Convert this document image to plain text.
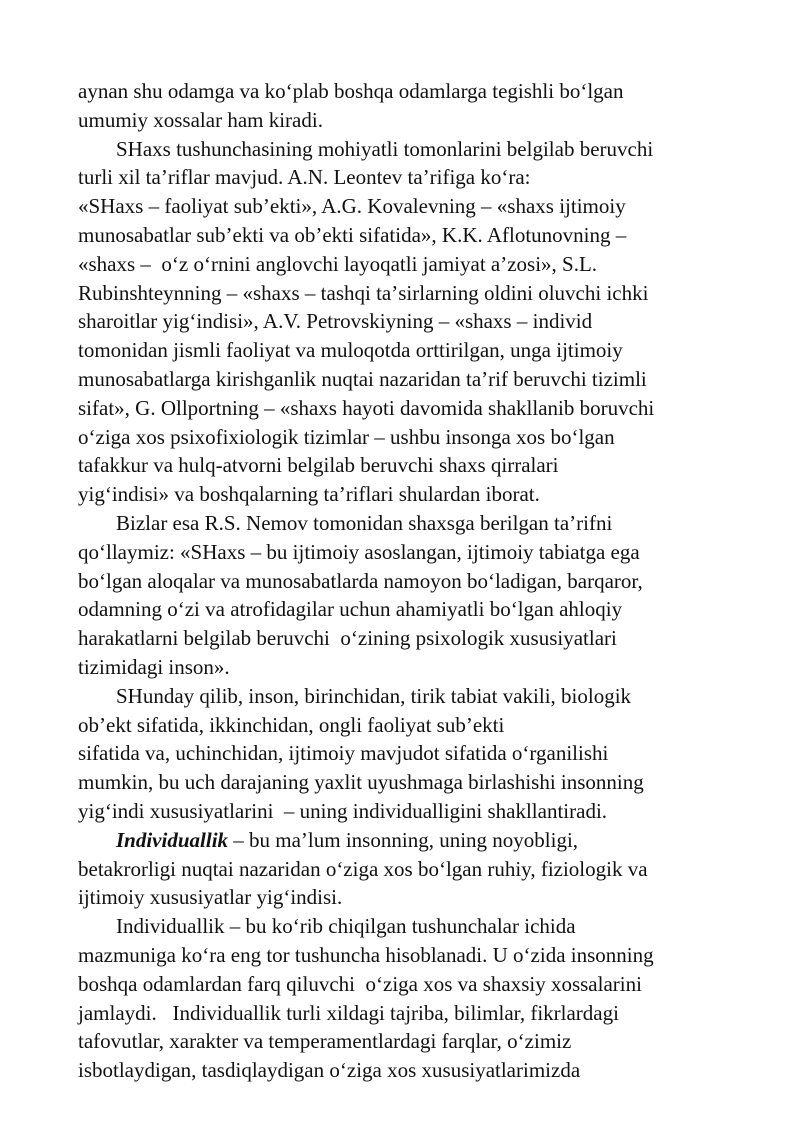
aynan shu odamga va koʻplab boshqa odamlarga tegishli boʻlgan
umumiy xossalar ham kiradi.
SHaxs tushunchasining mohiyatli tomonlarini belgilab beruvchi
turli xil taʼriflar mavjud. A.N. Leontev taʼrifiga koʻra:
«SHaxs – faoliyat subʼekti», A.G. Kovalevning – «shaxs ijtimoiy
munosabatlar subʼekti va obʼekti sifatida», K.K. Aflotunovning –
«shaxs –  oʻz oʻrnini anglovchi layoqatli jamiyat aʼzosi», S.L.
Rubinshteynning – «shaxs – tashqi taʼsirlarning oldini oluvchi ichki
sharoitlar yigʻindisi», A.V. Petrovskiyning – «shaxs – individ
tomonidan jismli faoliyat va muloqotda orttirilgan, unga ijtimoiy
munosabatlarga kirishganlik nuqtai nazaridan taʼrif beruvchi tizimli
sifat», G. Ollportning – «shaxs hayoti davomida shakllanib boruvchi
oʻziga xos psixofixiologik tizimlar – ushbu insonga xos boʻlgan
tafakkur va hulq-atvorni belgilab beruvchi shaxs qirralari
yigʻindisi» va boshqalarning taʼriflari shulardan iborat.
Bizlar esa R.S. Nemov tomonidan shaxsga berilgan taʼrifni
qoʻllaymiz: «SHaxs – bu ijtimoiy asoslangan, ijtimoiy tabiatga ega
boʻlgan aloqalar va munosabatlarda namoyon boʻladigan, barqaror,
odamning oʻzi va atrofidagilar uchun ahamiyatli boʻlgan ahloqiy
harakatlarni belgilab beruvchi  oʻzining psixologik xususiyatlari
tizimidagi inson».
SHunday qilib, inson, birinchidan, tirik tabiat vakili, biologik
obʼekt sifatida, ikkinchidan, ongli faoliyat subʼekti
sifatida va, uchinchidan, ijtimoiy mavjudot sifatida oʻrganilishi
mumkin, bu uch darajaning yaxlit uyushmaga birlashishi insonning
yigʻindi xususiyatlarini  – uning individualligini shakllantiradi.
Individuallik – bu maʼlum insonning, uning noyobligi,
betakrorligi nuqtai nazaridan oʻziga xos boʻlgan ruhiy, fiziologik va
ijtimoiy xususiyatlar yigʻindisi.
Individuallik – bu koʻrib chiqilgan tushunchalar ichida
mazmuniga koʻra eng tor tushuncha hisoblanadi. U oʻzida insonning
boshqa odamlardan farq qiluvchi  oʻziga xos va shaxsiy xossalarini
jamlaydi.   Individuallik turli xildagi tajriba, bilimlar, fikrlardagi
tafovutlar, xarakter va temperamentlardagi farqlar, oʻzimiz
isbotlaydigan, tasdiqlaydigan oʻziga xos xususiyatlarimizda
